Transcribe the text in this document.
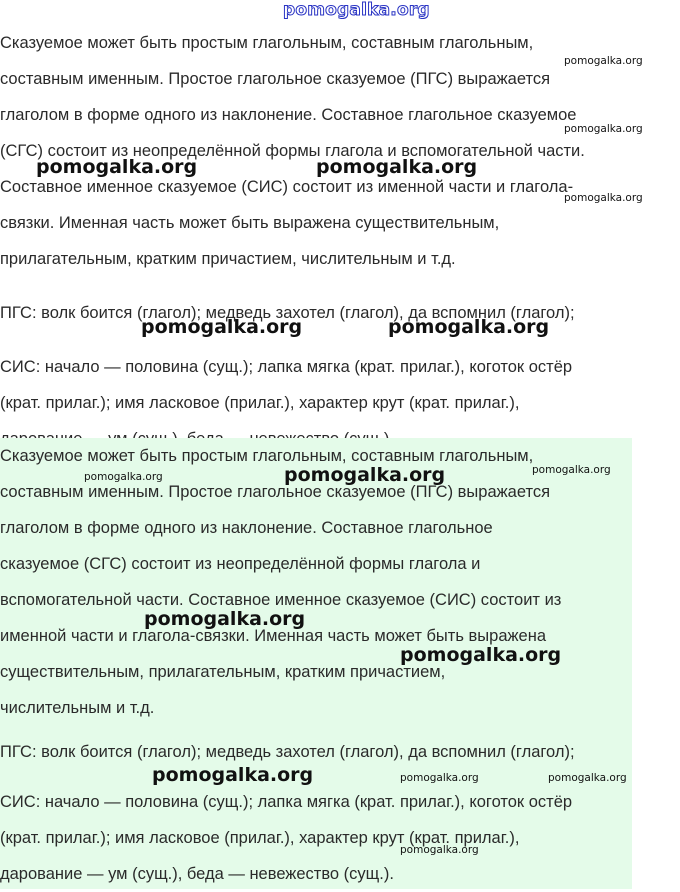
pomogalka.org

Сказуемое может быть простым глагольным, составным глагольным,

составным именным. Простое глагольное сказуемое (ПГС) выражается

глаголом в форме одного из наклонение. Составное глагольное сказуемое

(СГС) состоит из неопределённой формы глагола и вспомогательной части.

Составное именное сказуемое (СИС) состоит из именной части и глагола-

связки. Именная часть может быть выражена существительным,

прилагательным, кратким причастием, числительным и т.д.

ПГС: волк боится (глагол); медведь захотел (глагол), да вспомнил (глагол);

СИС: начало — половина (сущ.); лапка мягка (крат. прилаг.), коготок остёр

(крат. прилаг.); имя ласковое (прилаг.), характер крут (крат. прилаг.),

Сказуемое может быть простым глагольным, составным глагольным,

составным именным. Простое глагольное сказуемое (ПГС) выражается

глаголом в форме одного из наклонение. Составное глагольное

сказуемое (СГС) состоит из неопределённой формы глагола и

вспомогательной части. Составное именное сказуемое (СИС) состоит из

именной части и глагола-связки. Именная часть может быть выражена

существительным, прилагательным, кратким причастием,

числительным и т.д.

ПГС: волк боится (глагол); медведь захотел (глагол), да вспомнил (глагол);

СИС: начало — половина (сущ.); лапка мягка (крат. прилаг.), коготок остёр

(крат. прилаг.); имя ласковое (прилаг.), характер крут (крат. прилаг.),

дарование — ум (сущ.), беда — невежество (сущ.).

pomogalka.org
pomogalka.org
pomogalka.org	pomogalka.org
pomogalka.org
pomogalka.org	pomogalka.org
pomogalka.org	pomogalka.org	pomogalka.org
pomogalka.org
pomogalka.org
pomogalka.org	pomogalka.org	pomogalka.org
pomogalka.org
